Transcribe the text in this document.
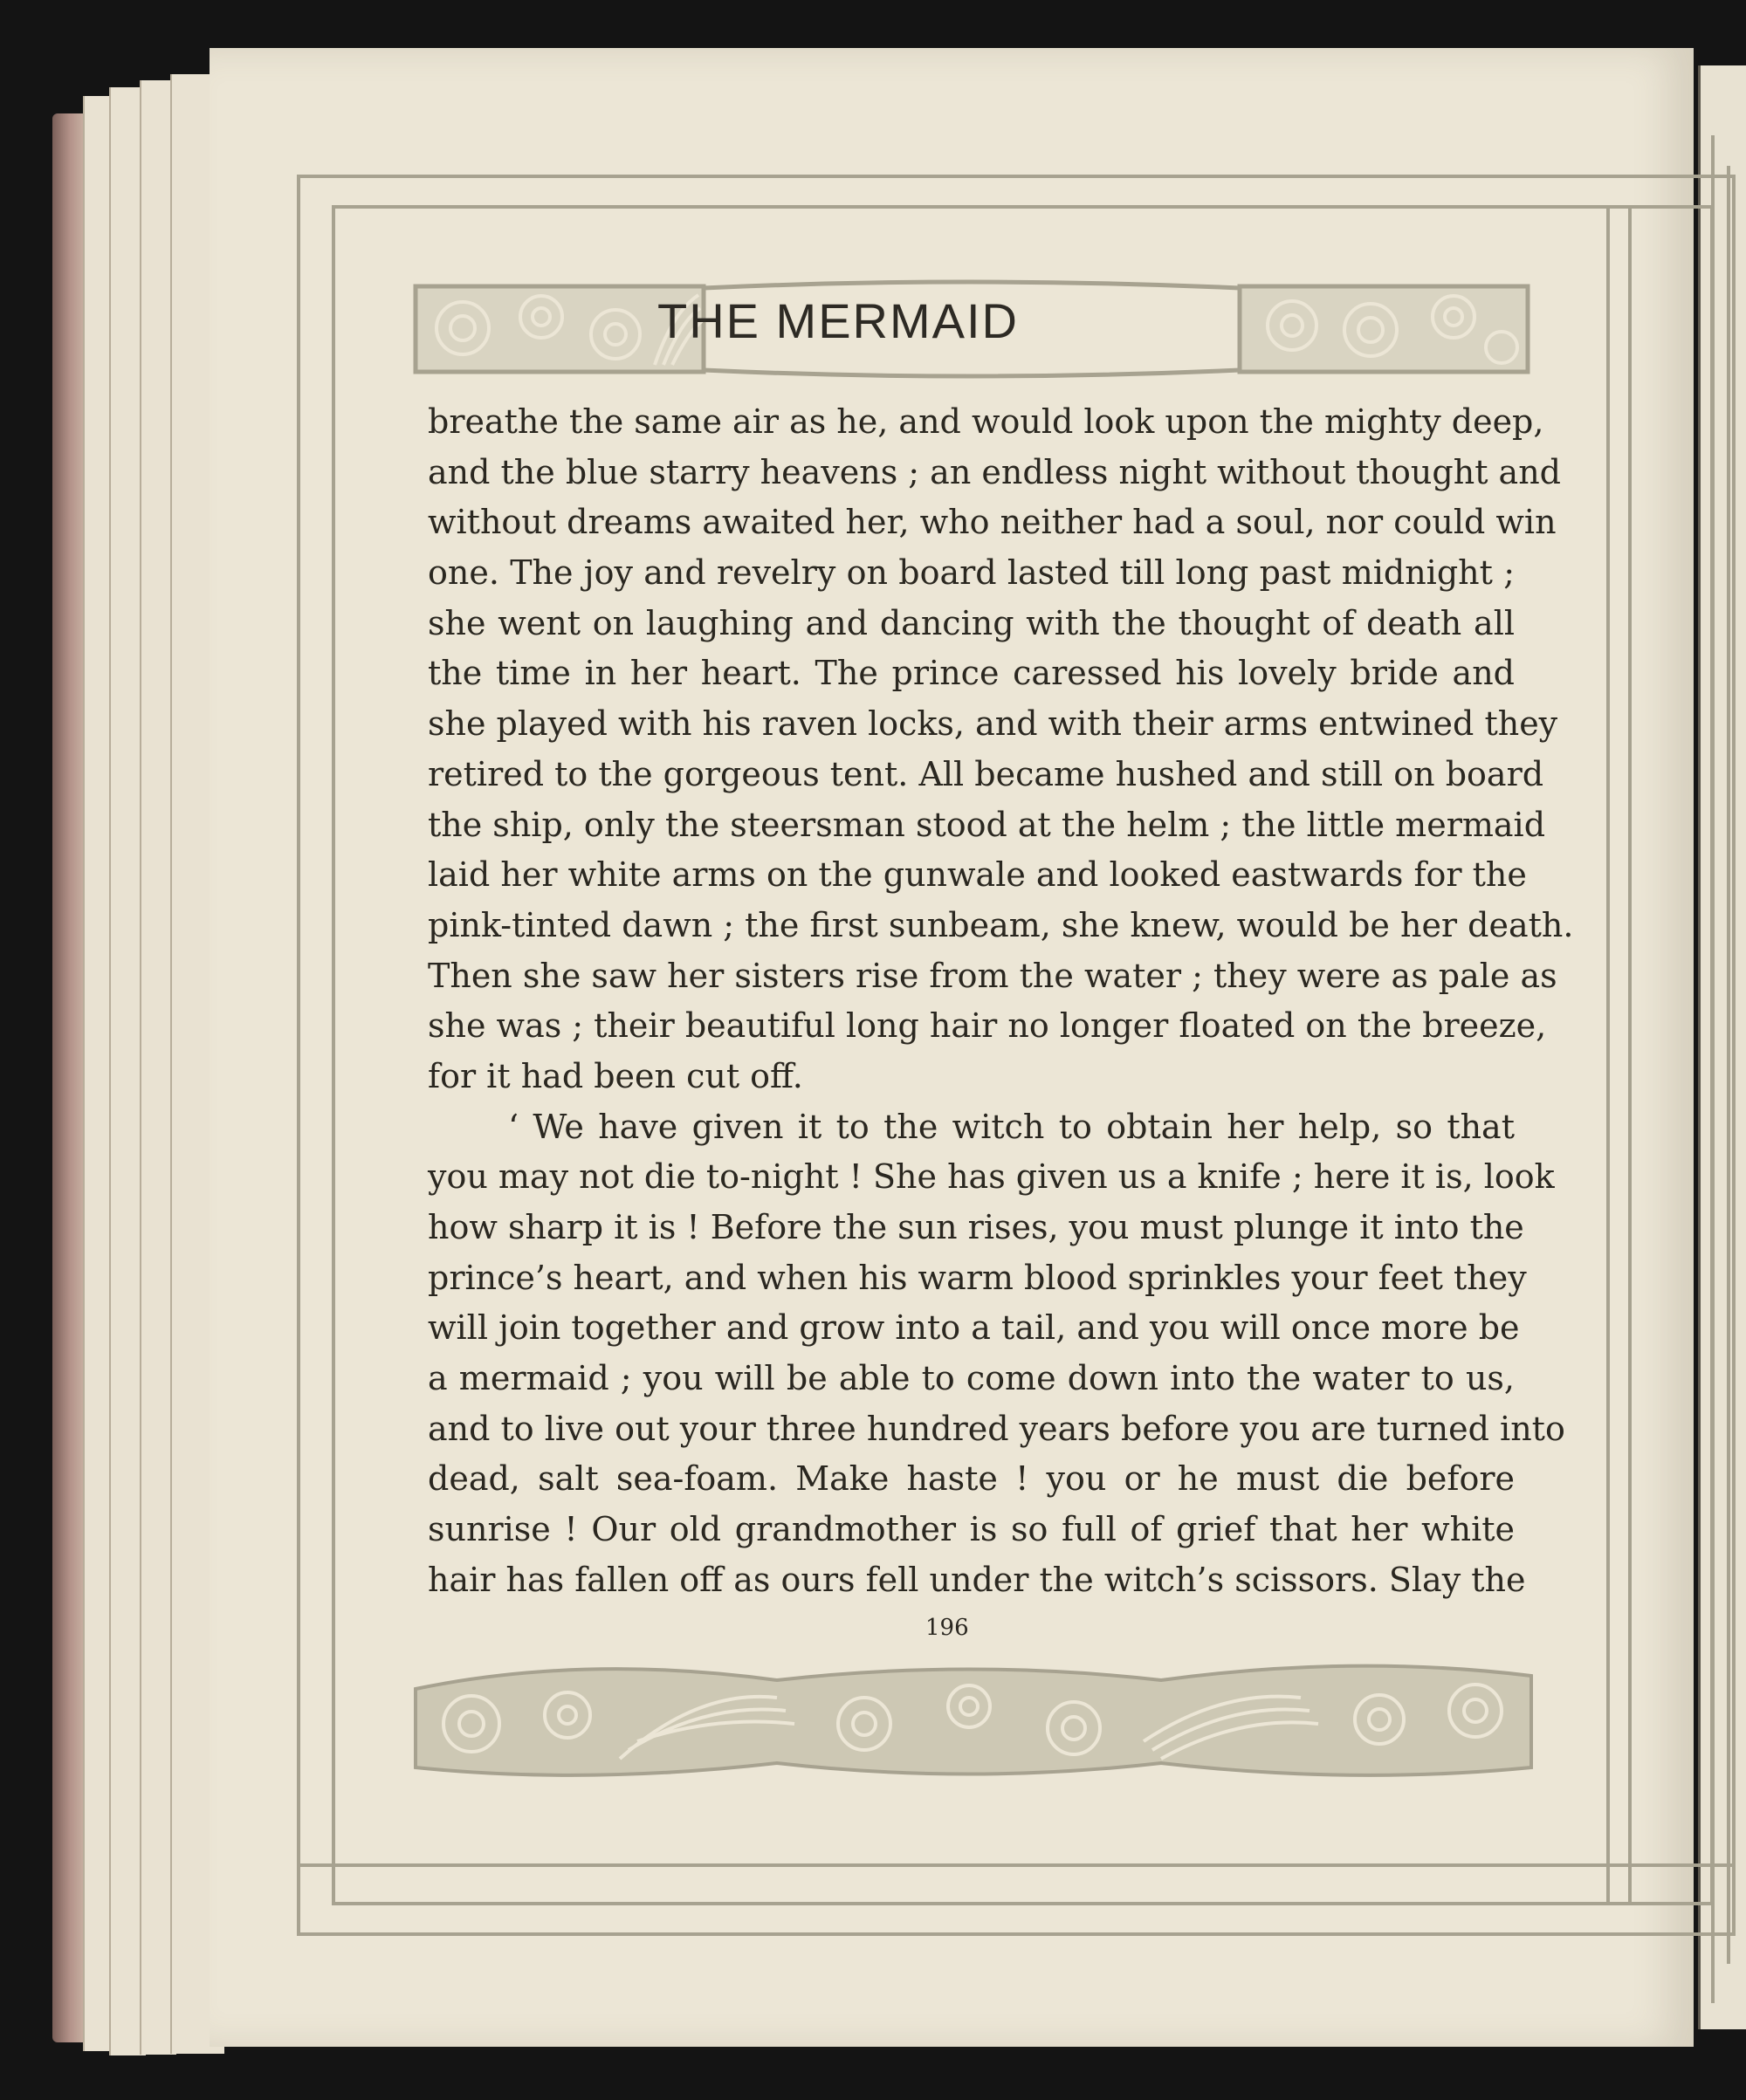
THE MERMAID
breathe the same air as he, and would look upon the mighty deep,
and the blue starry heavens ; an endless night without thought and
without dreams awaited her, who neither had a soul, nor could win
one. The joy and revelry on board lasted till long past midnight ;
she went on laughing and dancing with the thought of death all
the time in her heart. The prince caressed his lovely bride and
she played with his raven locks, and with their arms entwined they
retired to the gorgeous tent. All became hushed and still on board
the ship, only the steersman stood at the helm ; the little mermaid
laid her white arms on the gunwale and looked eastwards for the
pink-tinted dawn ; the first sunbeam, she knew, would be her death.
Then she saw her sisters rise from the water ; they were as pale as
she was ; their beautiful long hair no longer floated on the breeze,
for it had been cut off.
‘ We have given it to the witch to obtain her help, so that
you may not die to-night ! She has given us a knife ; here it is, look
how sharp it is ! Before the sun rises, you must plunge it into the
prince’s heart, and when his warm blood sprinkles your feet they
will join together and grow into a tail, and you will once more be
a mermaid ; you will be able to come down into the water to us,
and to live out your three hundred years before you are turned into
dead, salt sea-foam. Make haste ! you or he must die before
sunrise ! Our old grandmother is so full of grief that her white
hair has fallen off as ours fell under the witch’s scissors. Slay the
196
